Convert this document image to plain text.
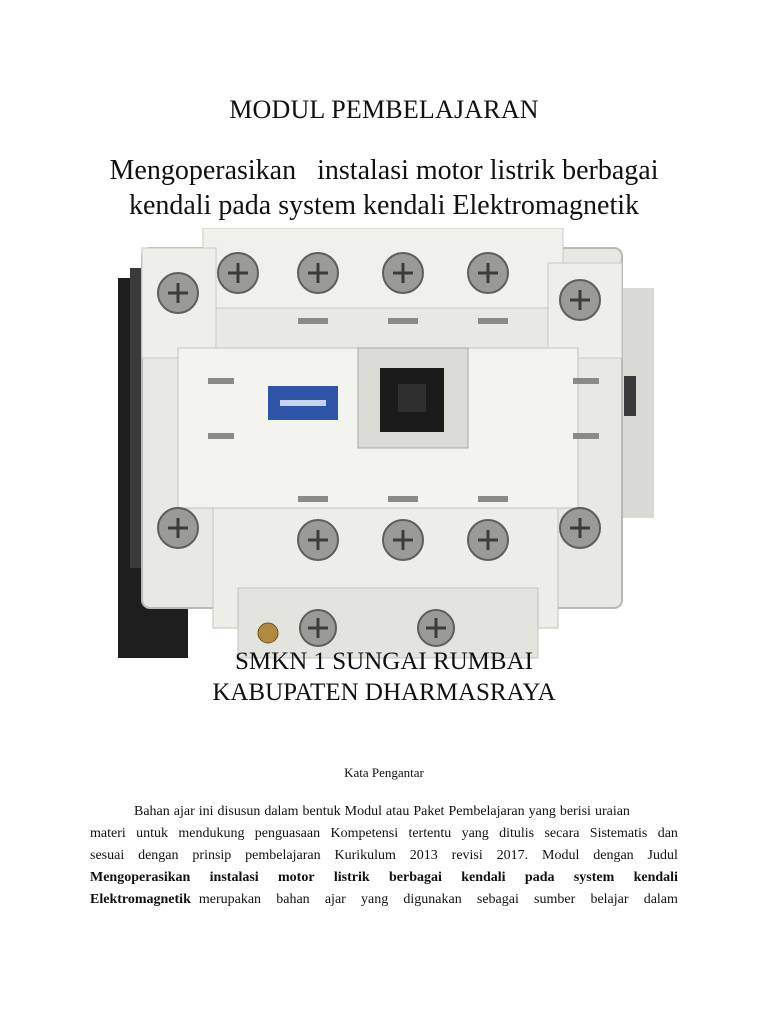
MODUL PEMBELAJARAN
Mengoperasikan   instalasi motor listrik berbagai
kendali pada system kendali Elektromagnetik
SMKN 1 SUNGAI RUMBAI
KABUPATEN DHARMASRAYA
Kata Pengantar
Bahan ajar ini disusun dalam bentuk Modul atau Paket Pembelajaran yang berisi uraian
materi untuk mendukung penguasaan Kompetensi tertentu yang ditulis secara Sistematis dan
sesuai dengan prinsip pembelajaran Kurikulum 2013 revisi 2017. Modul dengan Judul
Mengoperasikan instalasi motor listrik berbagai kendali pada system kendali
Elektromagnetik merupakan bahan ajar yang digunakan sebagai sumber belajar dalam
